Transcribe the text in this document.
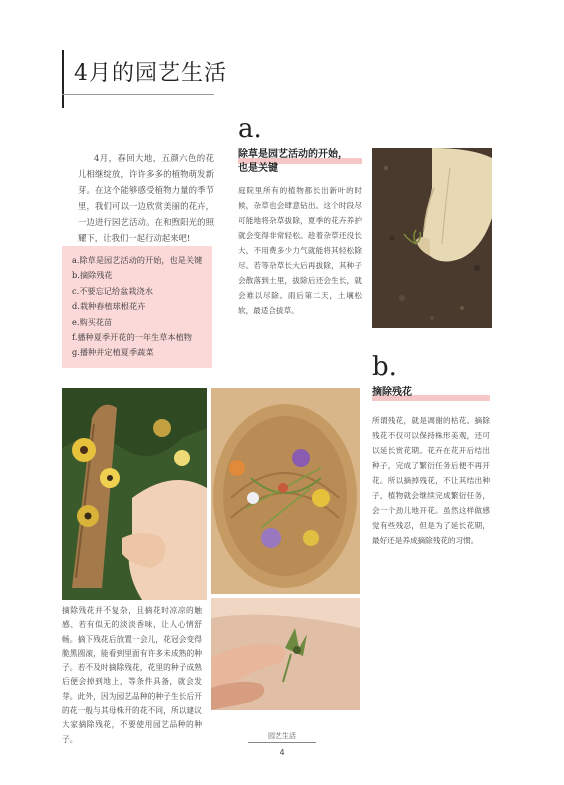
4月的园艺生活

4月，春回大地，五颜六色的花儿相继绽放，许许多多的植物萌发新芽。在这个能够感受植物力量的季节里，我们可以一边欣赏美丽的花卉，一边进行园艺活动。在和煦阳光的照耀下，让我们一起行动起来吧!

a.除草是园艺活动的开始，也是关键
b.摘除残花
c.不要忘记给盆栽浇水
d.栽种春植球根花卉
e.购买花苗
f.播种夏季开花的一年生草本植物
g.播种并定植夏季蔬菜
a.
除草是园艺活动的开始，
也是关键

庭院里所有的植物都长出新叶的时候，杂草也会肆意钻出。这个时段尽可能地将杂草拔除，夏季的花卉养护就会变得非常轻松。趁着杂草还没长大，不用费多少力气就能将其轻松除尽。若等杂草长大后再拔除，其种子会散落到土里，拔除后还会生长，就会难以尽除。雨后第二天，土壤松软，最适合拔草。

b.
摘除残花

所谓残花，就是凋谢的枯花。摘除残花不仅可以保持株形美观，还可以延长赏花期。花卉在花开后结出种子，完成了繁衍任务后便不再开花。所以摘掉残花，不让其结出种子，植物就会继续完成繁衍任务，会一个劲儿地开花。虽然这样做感觉有些残忍，但是为了延长花期，最好还是养成摘除残花的习惯。

摘除残花并不复杂，且摘花时凉凉的触感、若有似无的淡淡香味，让人心情舒畅。摘下残花后放置一会儿，花冠会变得脆黑圆滚，能看到里面有许多未成熟的种子。若不及时摘除残花，花里的种子成熟后便会掉到地上，等条件具备，就会发芽。此外，因为园艺品种的种子生长后开的花一般与其母株开的花不同，所以建议大家摘除残花，不要使用园艺品种的种子。	园艺生活
4
